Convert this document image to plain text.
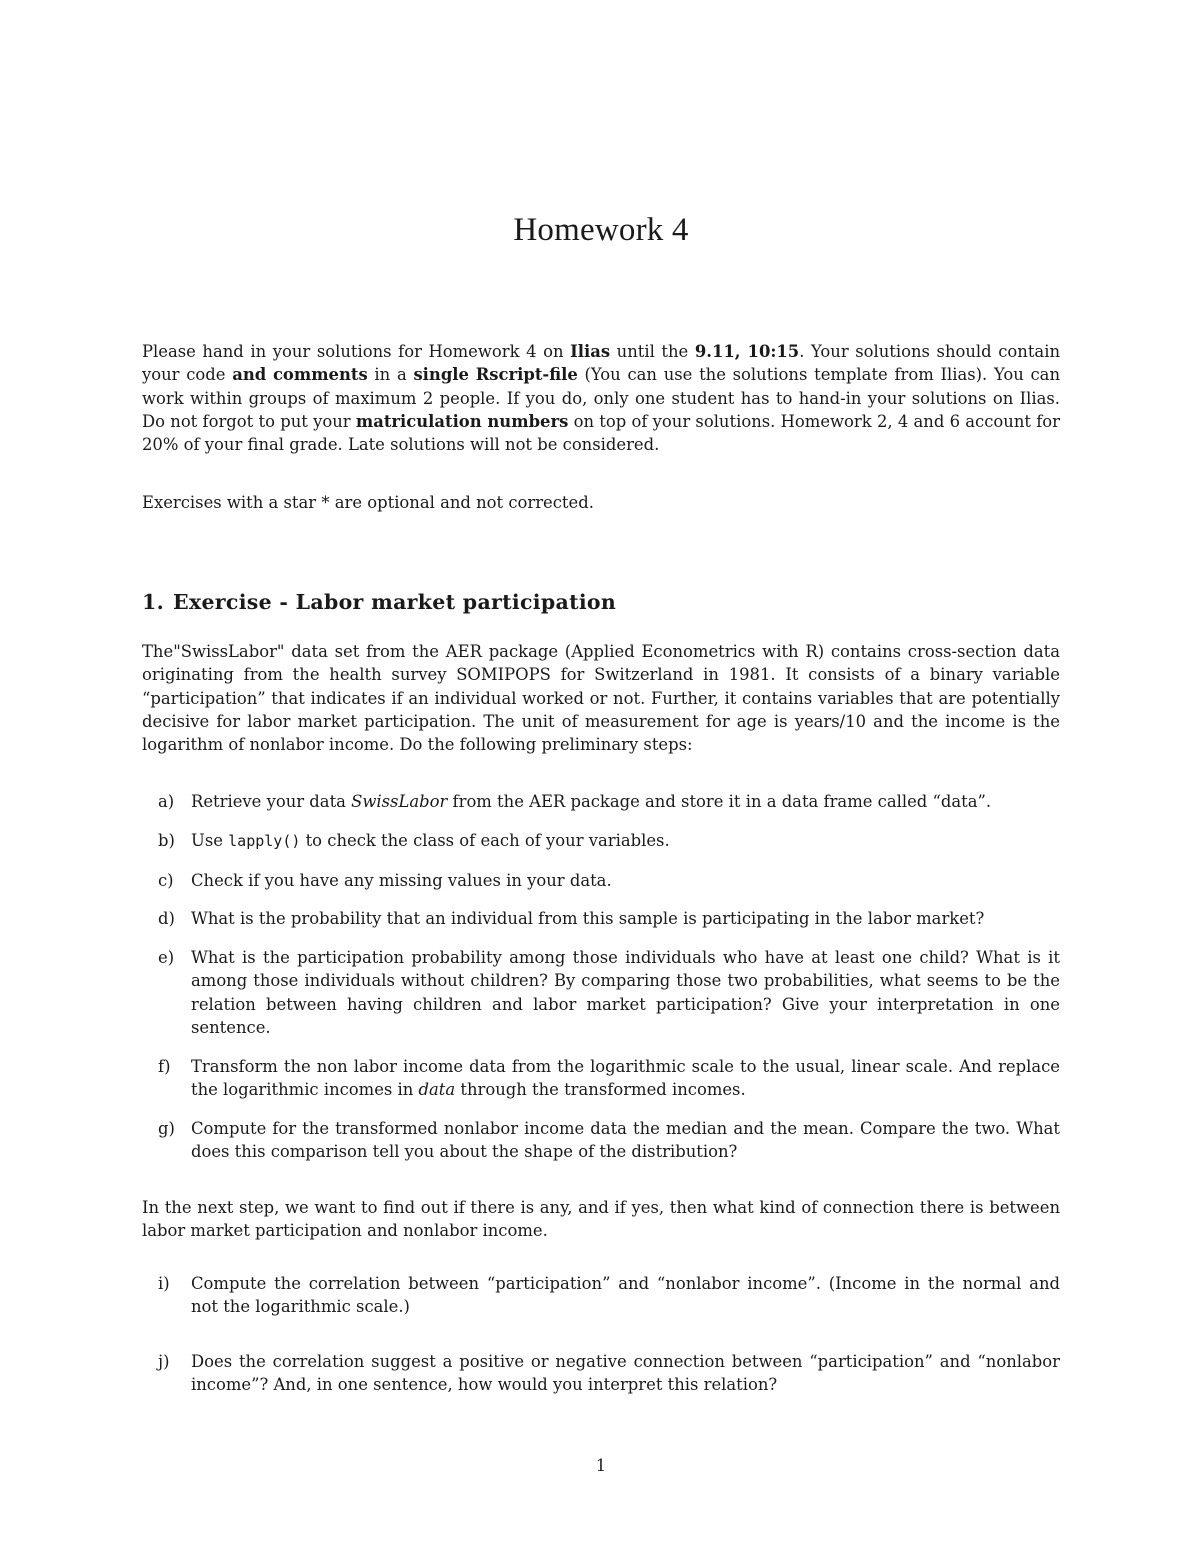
Homework 4

Please hand in your solutions for Homework 4 on Ilias until the 9.11, 10:15. Your solutions should contain your code and comments in a single Rscript-file (You can use the solutions template from Ilias). You can work within groups of maximum 2 people. If you do, only one student has to hand-in your solutions on Ilias. Do not forgot to put your matriculation numbers on top of your solutions. Homework 2, 4 and 6 account for 20% of your final grade. Late solutions will not be considered.

Exercises with a star * are optional and not corrected.

1. Exercise - Labor market participation

The"SwissLabor" data set from the AER package (Applied Econometrics with R) contains cross-section data originating from the health survey SOMIPOPS for Switzerland in 1981. It consists of a binary variable “participation” that indicates if an individual worked or not. Further, it contains variables that are potentially decisive for labor market participation. The unit of measurement for age is years/10 and the income is the logarithm of nonlabor income. Do the following preliminary steps:

a)	Retrieve your data SwissLabor from the AER package and store it in a data frame called “data”.
b) Use lapply() to check the class of each of your variables.
c)	Check if you have any missing values in your data.
d) What is the probability that an individual from this sample is participating in the labor market?
e)	What is the participation probability among those individuals who have at least one child? What is it among those individuals without children? By comparing those two probabilities, what seems to be the relation between having children and labor market participation? Give your interpretation in one sentence.
f)	Transform the non labor income data from the logarithmic scale to the usual, linear scale. And replace the logarithmic incomes in data through the transformed incomes.
g) Compute for the transformed nonlabor income data the median and the mean. Compare the two. What does this comparison tell you about the shape of the distribution?

In the next step, we want to find out if there is any, and if yes, then what kind of connection there is between labor market participation and nonlabor income.

i)	Compute the correlation between “participation” and “nonlabor income”. (Income in the normal and not the logarithmic scale.)
j)	Does the correlation suggest a positive or negative connection between “participation” and “nonlabor income”? And, in one sentence, how would you interpret this relation?

1
